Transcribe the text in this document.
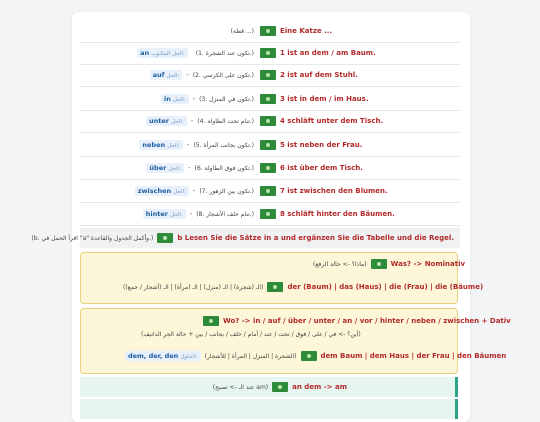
(قطة ...)	Eine Katze ...
an الحل المكتوب:	(1. تكون عند الشجرة.)	1 ist an dem / am Baum.
auf الحل:	- (2. تكون على الكرسي.)	2 ist auf dem Stuhl.
in الحل:	- (3. تكون في المنزل.)	3 ist in dem / im Haus.
unter الحل:	- (4. تنام تحت الطاولة.)	4 schläft unter dem Tisch.
neben الحل:	- (5. تكون بجانب المرأة.)	5 ist neben der Frau.
über الحل:	- (6. تكون فوق الطاولة.)	6 ist über dem Tisch.
zwischen الحل:	- (7. تكون بين الزهور.)	7 ist zwischen den Blumen.
hinter الحل:	- (8. تنام خلف الأشجار.)	8 schläft hinter den Bäumen.
(b. اقرأ الجمل في "a" وأكمل الجدول والقاعدة.)	b Lesen Sie die Sätze in a und ergänzen Sie die Tabelle und die Regel.
(ماذا؟ -> حالة الرفع)	Was? -> Nominativ
(الـ (شجرة) | الـ (منزل) | الـ (مرأة) | الـ (أشجار / جمع))	der (Baum) | das (Haus) | die (Frau) | die (Bäume)
Wo? -> in / auf / über / unter / an / vor / hinter / neben / zwischen + Dativ
(أين؟ -> في / على / فوق / تحت / عند / أمام / خلف / بجانب / بين + حالة الجر الداتيف)
dem, der, den الحلول:	(الشجرة | المنزل | المرأة | للأشجار)	dem Baum | dem Haus | der Frau | den Bäumen
(عند الـ -> تصبح am)	an dem -> am
